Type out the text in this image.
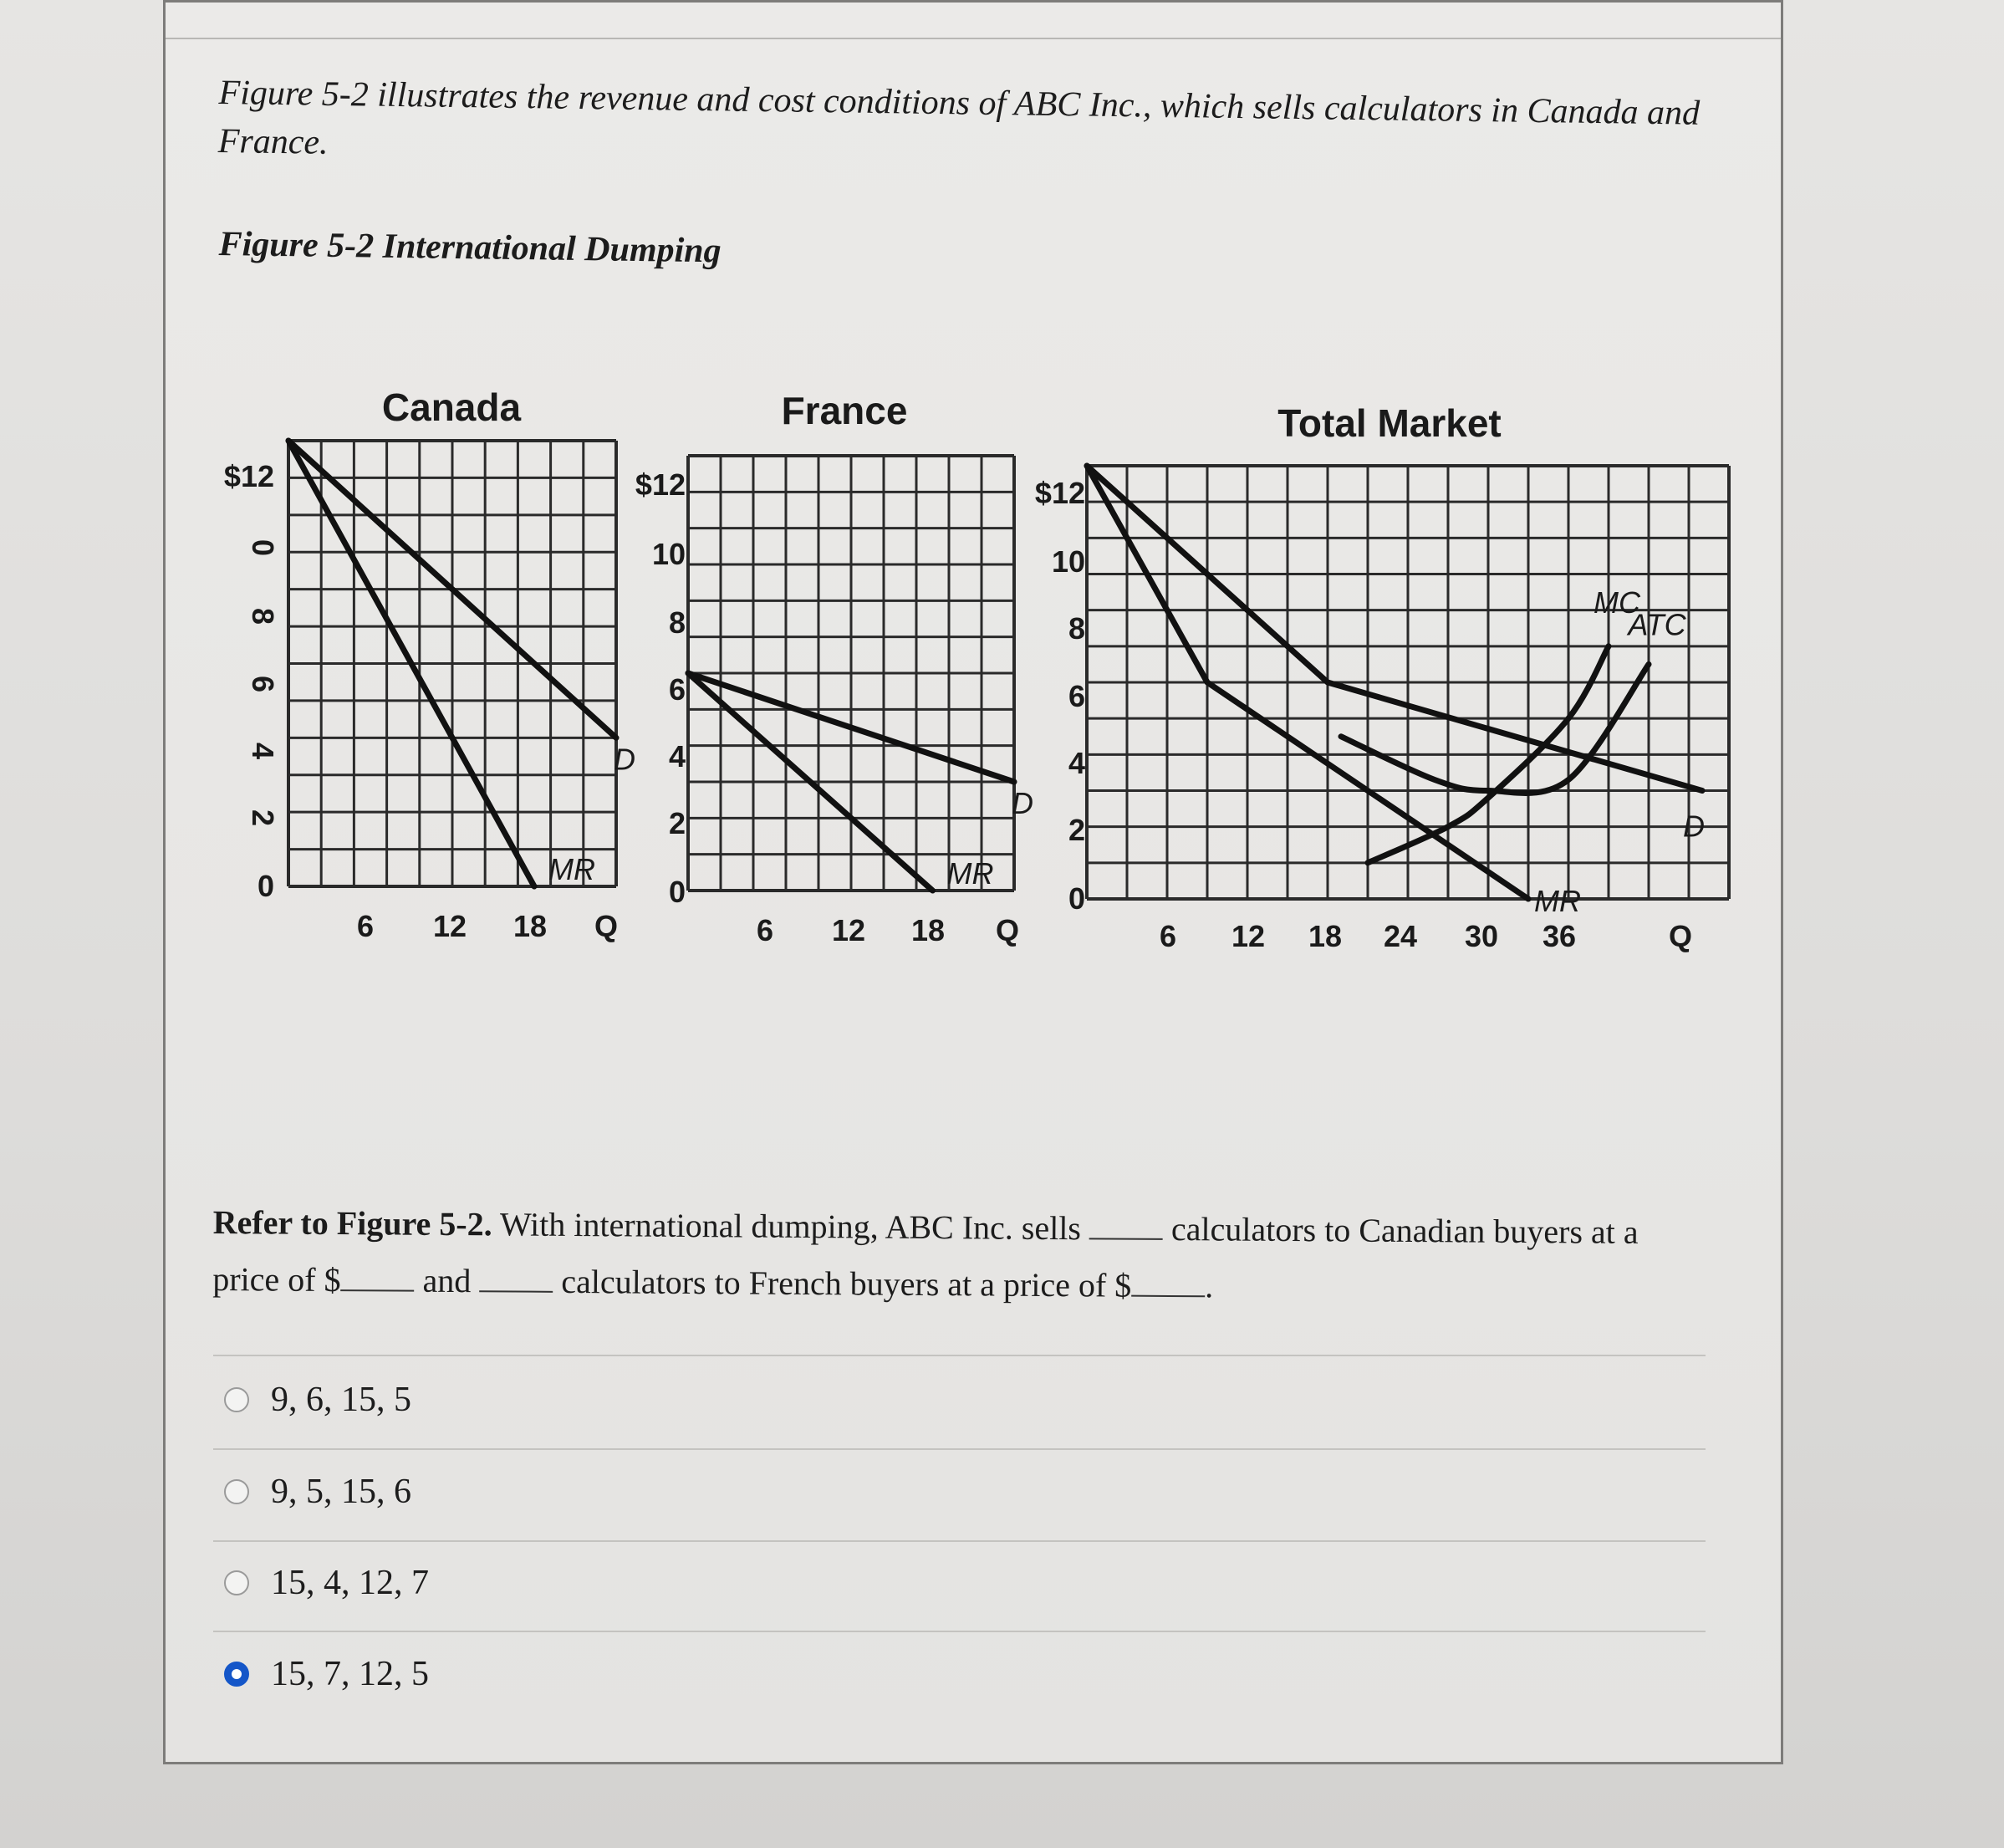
Figure 5-2 illustrates the revenue and cost conditions of ABC Inc., which sells calculators in Canada and France.
Figure 5-2 International Dumping
Canada
$12
0
8
6
4
2
0
6 12 18 Q
D
MR
France
$12
10
8
6
4
2
0
6 12 18 Q
D
MR
Total Market
$12
10
8
6
4
2
0
6 12 18 24 30 36	Q
D
MR
MC
ATC
Refer to Figure 5-2. With international dumping, ABC Inc. sells  calculators to Canadian buyers at a price of $ and  calculators to French buyers at a price of $ .
9, 6, 15, 5
9, 5, 15, 6
15, 4, 12, 7
15, 7, 12, 5
